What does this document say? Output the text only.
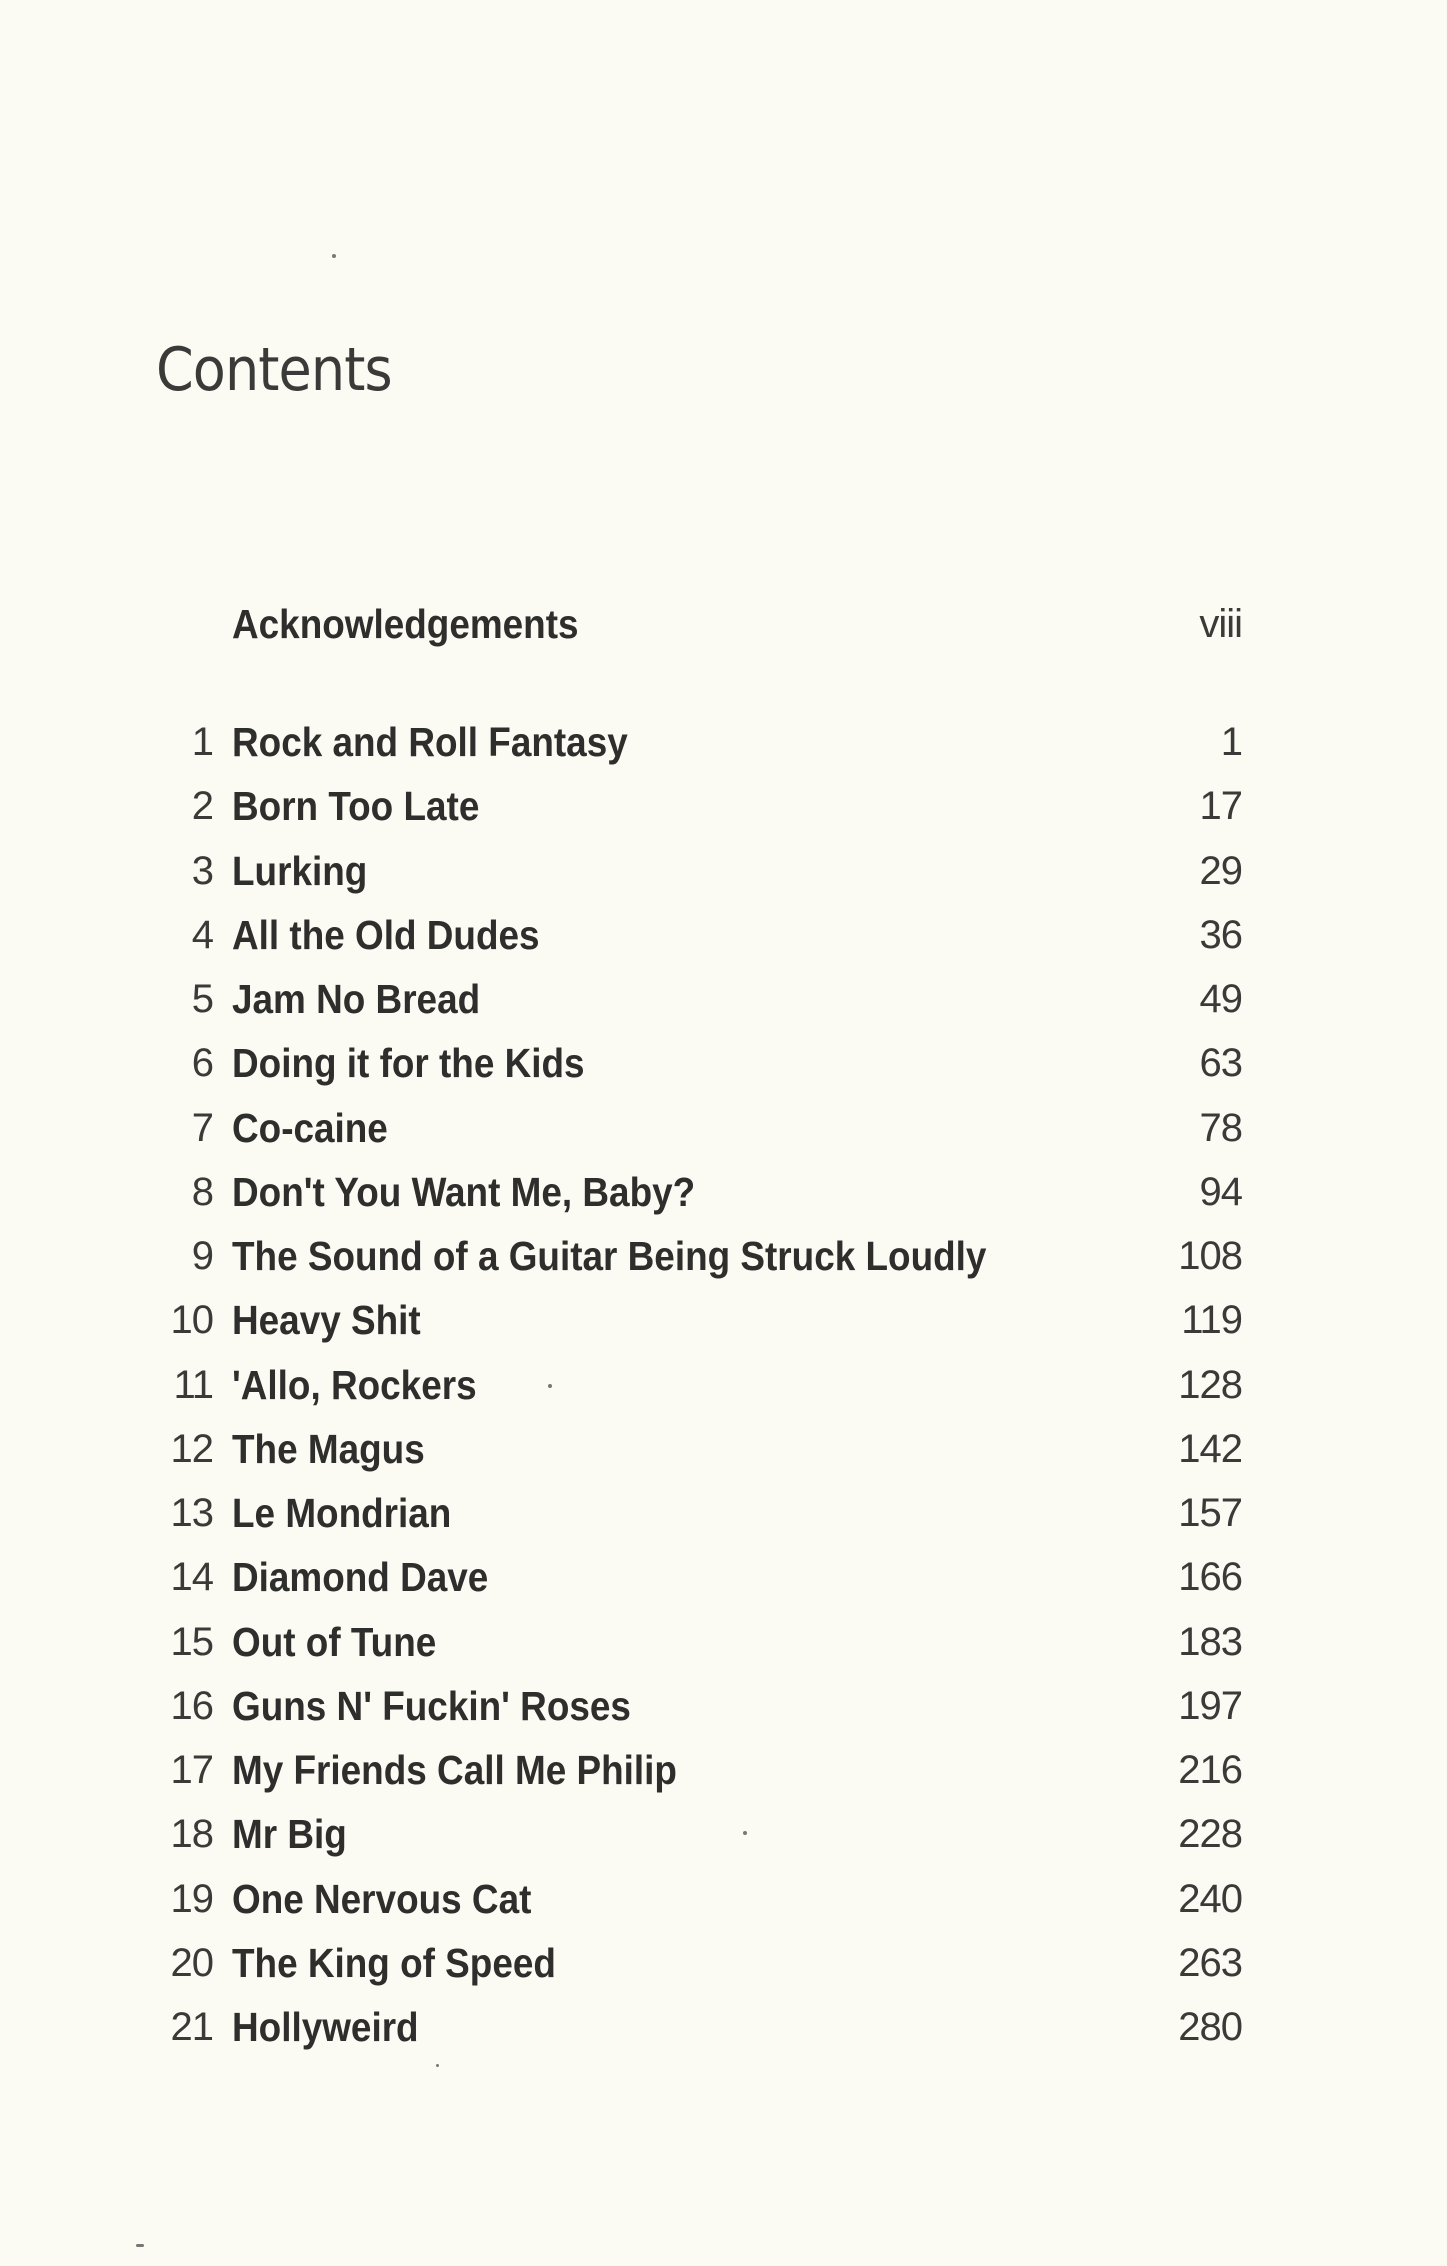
Contents
Acknowledgements	viii
1 Rock and Roll Fantasy	1
2 Born Too Late	17
3 Lurking	29
4 All the Old Dudes	36
5 Jam No Bread	49
6 Doing it for the Kids	63
7 Co-caine	78
8 Don't You Want Me, Baby?	94
9 The Sound of a Guitar Being Struck Loudly	108
10 Heavy Shit	119
11 'Allo, Rockers	128
12 The Magus	142
13 Le Mondrian	157
14 Diamond Dave	166
15 Out of Tune	183
16 Guns N' Fuckin' Roses	197
17 My Friends Call Me Philip	216
18 Mr Big	228
19 One Nervous Cat	240
20 The King of Speed	263
21 Hollyweird	280
